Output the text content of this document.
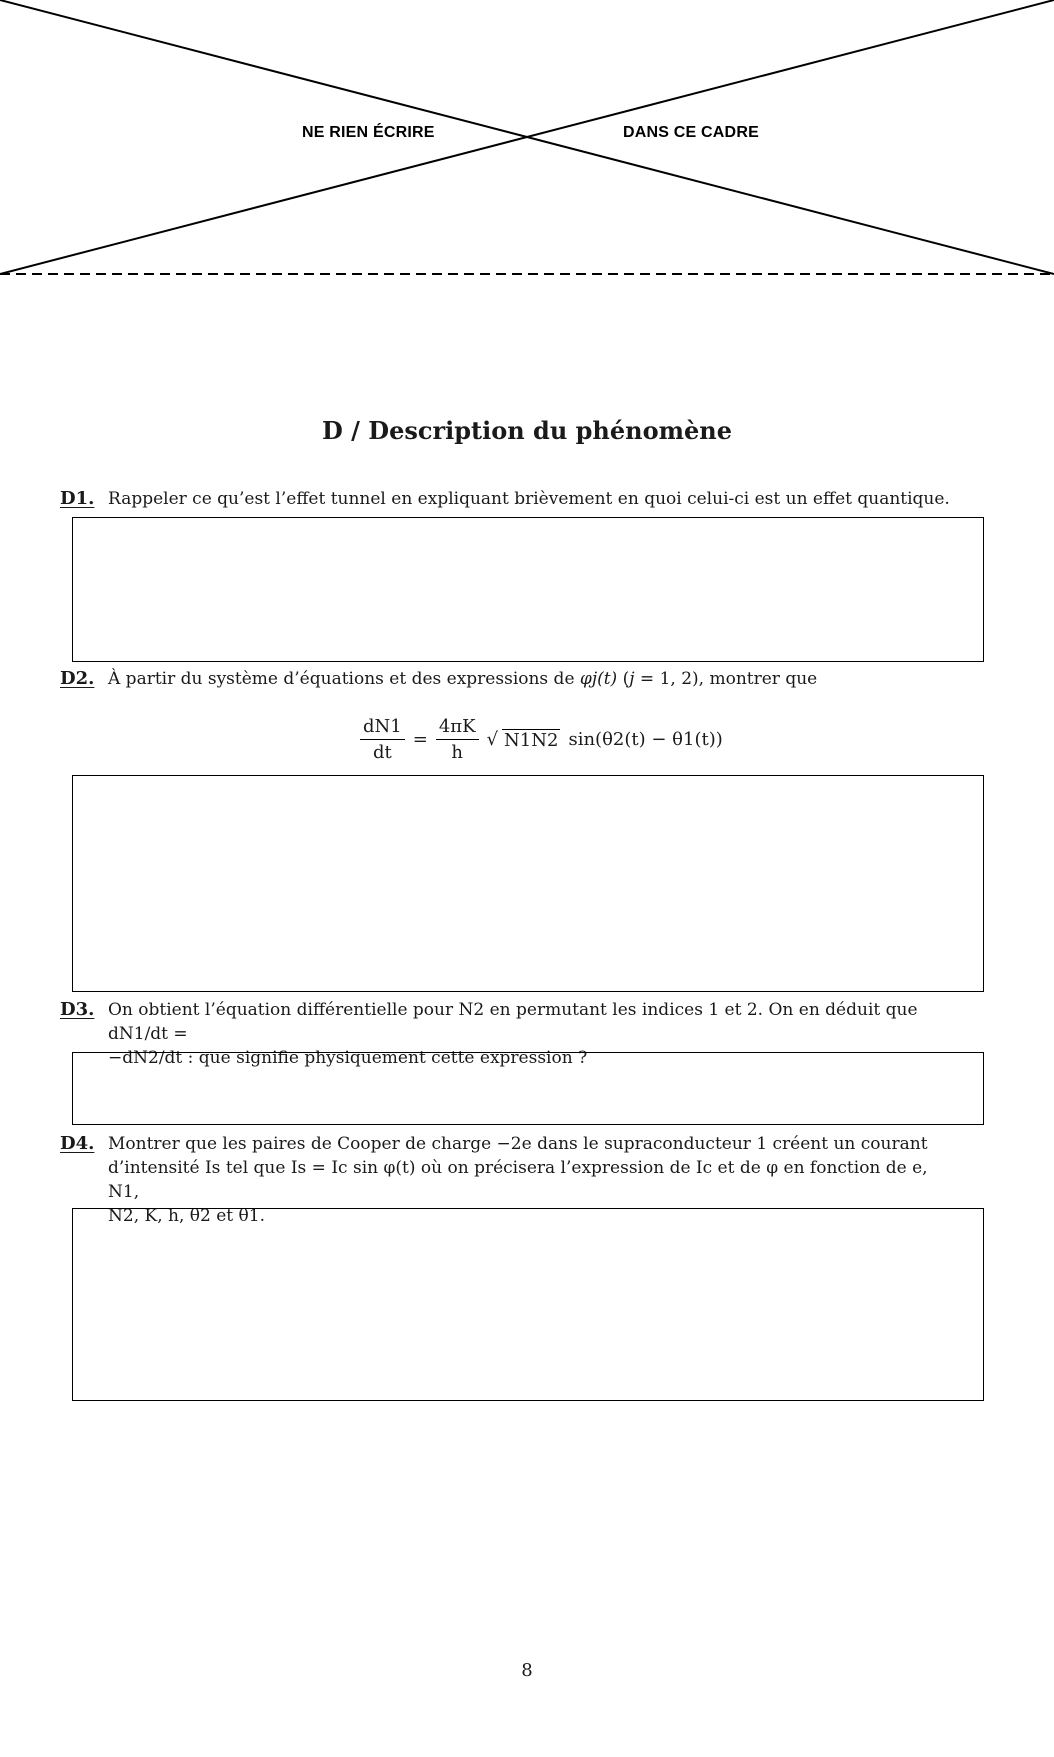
NE RIEN ÉCRIRE	DANS CE CADRE
D / Description du phénomène
D1. Rappeler ce qu’est l’effet tunnel en expliquant brièvement en quoi celui-ci est un effet quantique.
D2. À partir du système d’équations et des expressions de φj(t) (j = 1, 2), montrer que
$\frac{dN1}{dt} = \frac{4\pi K}{h}$ √ N1N2 sin(θ2(t) − θ1(t))
D3. On obtient l’équation différentielle pour N2 en permutant les indices 1 et 2. On en déduit que dN1/dt =
−dN2/dt : que signifie physiquement cette expression ?
D4. Montrer que les paires de Cooper de charge −2e dans le supraconducteur 1 créent un courant
d’intensité Is tel que Is = Ic sin φ(t) où on précisera l’expression de Ic et de φ en fonction de e, N1,
N2, K, h, θ2 et θ1.
8
